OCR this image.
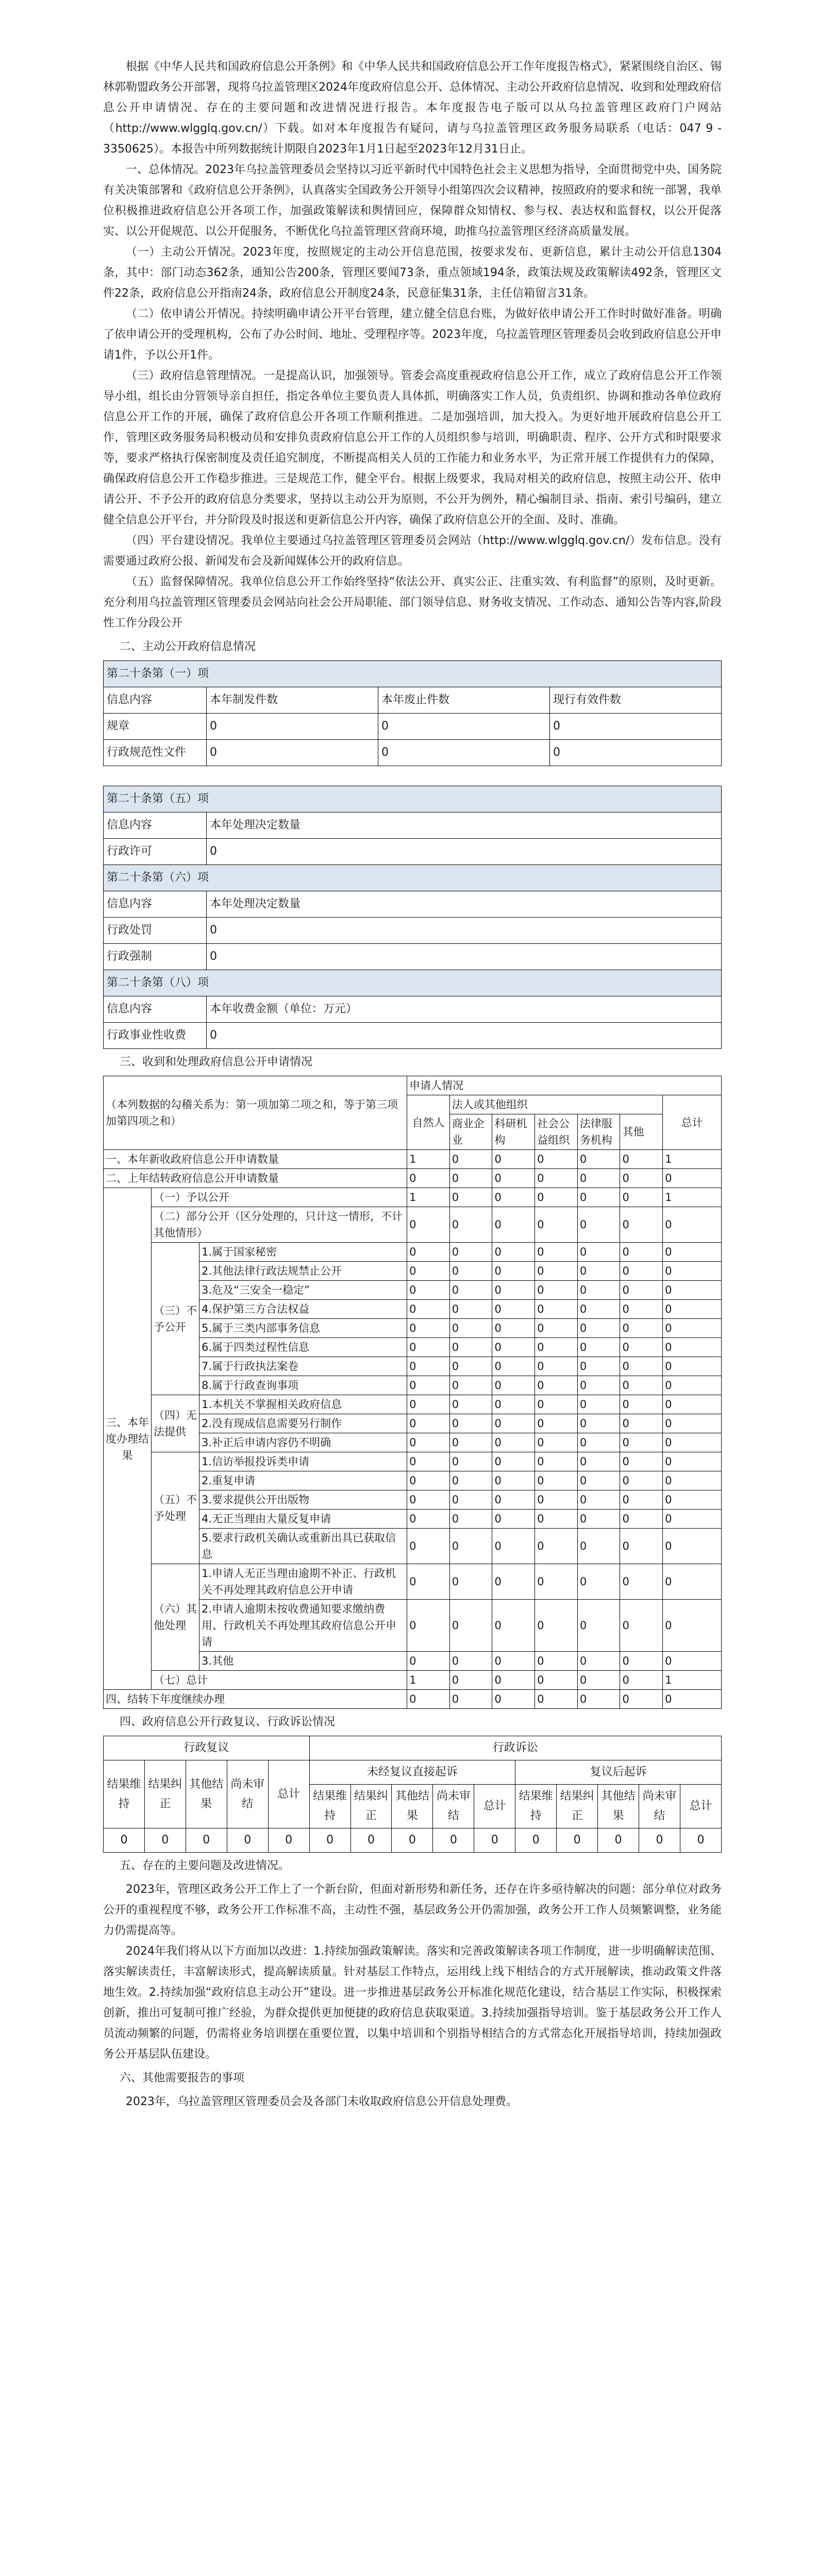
根据《中华人民共和国政府信息公开条例》和《中华人民共和国政府信息公开工作年度报告格式》，紧紧围绕自治区、锡林郭勒盟政务公开部署，现将乌拉盖管理区2024年度政府信息公开、总体情况、主动公开政府信息情况、收到和处理政府信息公开申请情况、存在的主要问题和改进情况进行报告。本年度报告电子版可以从乌拉盖管理区政府门户网站（http://www.wlgglq.gov.cn/）下载。如对本年度报告有疑问，请与乌拉盖管理区政务服务局联系（电话：047 9 - 3350625）。本报告中所列数据统计期限自2023年1月1日起至2023年12月31日止。

一、总体情况。2023年乌拉盖管理委员会坚持以习近平新时代中国特色社会主义思想为指导，全面贯彻党中央、国务院有关决策部署和《政府信息公开条例》，认真落实全国政务公开领导小组第四次会议精神，按照政府的要求和统一部署，我单位积极推进政府信息公开各项工作，加强政策解读和舆情回应，保障群众知情权、参与权、表达权和监督权，以公开促落实、以公开促规范、以公开促服务，不断优化乌拉盖管理区营商环境，助推乌拉盖管理区经济高质量发展。

（一）主动公开情况。2023年度，按照规定的主动公开信息范围，按要求发布、更新信息，累计主动公开信息1304条，其中：部门动态362条，通知公告200条，管理区要闻73条，重点领域194条，政策法规及政策解读492条，管理区文件22条，政府信息公开指南24条，政府信息公开制度24条，民意征集31条，主任信箱留言31条。

（二）依申请公开情况。持续明确申请公开平台管理，建立健全信息台账，为做好依申请公开工作时时做好准备。明确了依申请公开的受理机构，公布了办公时间、地址、受理程序等。2023年度，乌拉盖管理区管理委员会收到政府信息公开申请1件，予以公开1件。

（三）政府信息管理情况。一是提高认识，加强领导。管委会高度重视政府信息公开工作，成立了政府信息公开工作领导小组，组长由分管领导亲自担任，指定各单位主要负责人具体抓，明确落实工作人员，负责组织、协调和推动各单位政府信息公开工作的开展，确保了政府信息公开各项工作顺利推进。二是加强培训，加大投入。为更好地开展政府信息公开工作，管理区政务服务局积极动员和安排负责政府信息公开工作的人员组织参与培训，明确职责、程序、公开方式和时限要求等，要求严格执行保密制度及责任追究制度，不断提高相关人员的工作能力和业务水平，为正常开展工作提供有力的保障，确保政府信息公开工作稳步推进。三是规范工作，健全平台。根据上级要求，我局对相关的政府信息，按照主动公开、依申请公开、不予公开的政府信息分类要求，坚持以主动公开为原则，不公开为例外，精心编制目录、指南、索引号编码，建立健全信息公开平台，并分阶段及时报送和更新信息公开内容，确保了政府信息公开的全面、及时、准确。

（四）平台建设情况。我单位主要通过乌拉盖管理区管理委员会网站（http://www.wlgglq.gov.cn/）发布信息。没有需要通过政府公报、新闻发布会及新闻媒体公开的政府信息。

（五）监督保障情况。我单位信息公开工作始终坚持“依法公开、真实公正、注重实效、有利监督”的原则，及时更新。充分利用乌拉盖管理区管理委员会网站向社会公开局职能、部门领导信息、财务收支情况、工作动态、通知公告等内容,阶段性工作分段公开

二、主动公开政府信息情况
第二十条第（一）项			
信息内容	本年制发件数	本年废止件数	现行有效件数
规章	0	0	0
行政规范性文件	0	0	0

第二十条第（五）项			
信息内容	本年处理决定数量		
行政许可	0		
第二十条第（六）项			
信息内容	本年处理决定数量		
行政处罚	0		
行政强制	0		
第二十条第（八）项			
信息内容	本年收费金额（单位：万元）		
行政事业性收费	0		
三、收到和处理政府信息公开申请情况
（本列数据的勾稽关系为：第一项加第二项之和，等于第三项加第四项之和）			申请人情况						
			自然人	法人或其他组织					总计
				商业企业	科研机构	社会公益组织	法律服务机构	其他	
一、本年新收政府信息公开申请数量			1	0	0	0	0	0	1
二、上年结转政府信息公开申请数量			0	0	0	0	0	0	0
三、本年度办理结果	（一）予以公开		1	0	0	0	0	0	1
	（二）部分公开（区分处理的，只计这一情形，不计其他情形）		0	0	0	0	0	0	0
	（三）不予公开	1.属于国家秘密	0	0	0	0	0	0	0
		2.其他法律行政法规禁止公开	0	0	0	0	0	0	0
		3.危及“三安全一稳定”	0	0	0	0	0	0	0
		4.保护第三方合法权益	0	0	0	0	0	0	0
		5.属于三类内部事务信息	0	0	0	0	0	0	0
		6.属于四类过程性信息	0	0	0	0	0	0	0
		7.属于行政执法案卷	0	0	0	0	0	0	0
		8.属于行政查询事项	0	0	0	0	0	0	0
	（四）无法提供	1.本机关不掌握相关政府信息	0	0	0	0	0	0	0
		2.没有现成信息需要另行制作	0	0	0	0	0	0	0
		3.补正后申请内容仍不明确	0	0	0	0	0	0	0
	（五）不予处理	1.信访举报投诉类申请	0	0	0	0	0	0	0
		2.重复申请	0	0	0	0	0	0	0
		3.要求提供公开出版物	0	0	0	0	0	0	0
		4.无正当理由大量反复申请	0	0	0	0	0	0	0
		5.要求行政机关确认或重新出具已获取信息	0	0	0	0	0	0	0
	（六）其他处理	1.申请人无正当理由逾期不补正、行政机关不再处理其政府信息公开申请	0	0	0	0	0	0	0
		2.申请人逾期未按收费通知要求缴纳费用、行政机关不再处理其政府信息公开申请	0	0	0	0	0	0	0
		3.其他	0	0	0	0	0	0	0
	（七）总计		1	0	0	0	0	0	1
四、结转下年度继续办理			0	0	0	0	0	0	0
四、政府信息公开行政复议、行政诉讼情况
行政复议					行政诉讼									
结果维持	结果纠正	其他结果	尚未审结	总计	未经复议直接起诉					复议后起诉				
					结果维持	结果纠正	其他结果	尚未审结	总计	结果维持	结果纠正	其他结果	尚未审结	总计
0	0	0	0	0	0	0	0	0	0	0	0	0	0	0
五、存在的主要问题及改进情况。

2023年，管理区政务公开工作上了一个新台阶，但面对新形势和新任务，还存在许多亟待解决的问题：部分单位对政务公开的重视程度不够，政务公开工作标准不高，主动性不强，基层政务公开仍需加强，政务公开工作人员频繁调整，业务能力仍需提高等。

2024年我们将从以下方面加以改进：1.持续加强政策解读。落实和完善政策解读各项工作制度，进一步明确解读范围、落实解读责任，丰富解读形式，提高解读质量。针对基层工作特点，运用线上线下相结合的方式开展解读，推动政策文件落地生效。2.持续加强“政府信息主动公开”建设。进一步推进基层政务公开标准化规范化建设，结合基层工作实际，积极探索创新，推出可复制可推广经验，为群众提供更加便捷的政府信息获取渠道。3.持续加强指导培训。鉴于基层政务公开工作人员流动频繁的问题，仍需将业务培训摆在重要位置，以集中培训和个别指导相结合的方式常态化开展指导培训，持续加强政务公开基层队伍建设。

六、其他需要报告的事项

2023年，乌拉盖管理区管理委员会及各部门未收取政府信息公开信息处理费。
